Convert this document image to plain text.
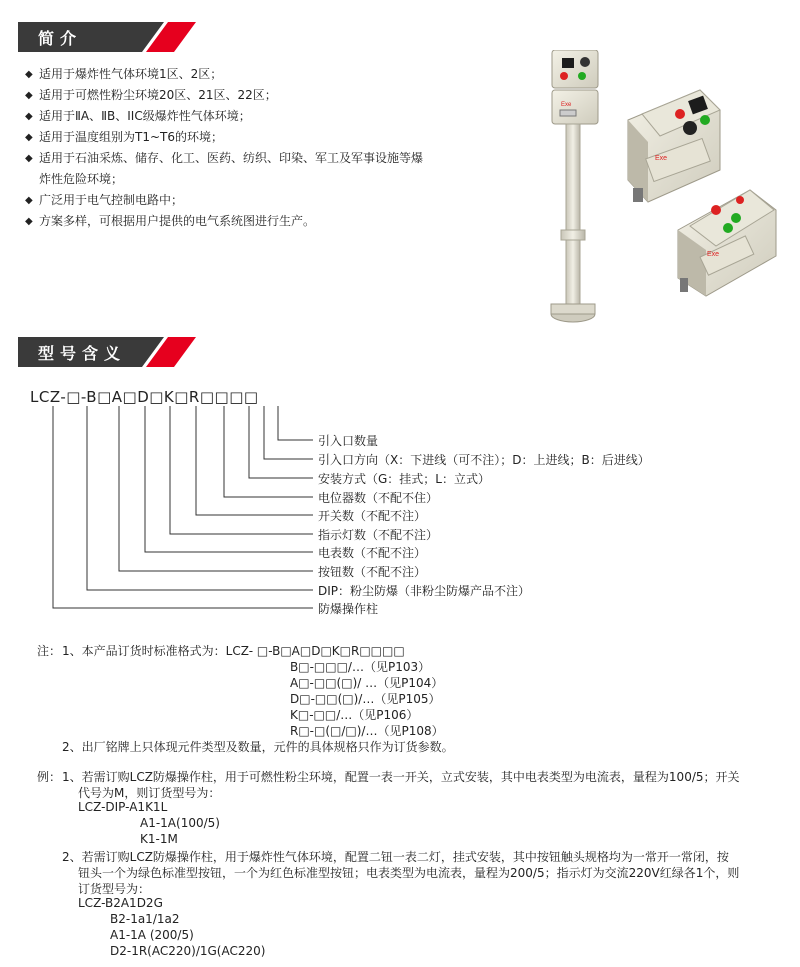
简介
◆ 适用于爆炸性气体环境1区、2区；
◆ 适用于可燃性粉尘环境20区、21区、22区；
◆ 适用于ⅡA、ⅡB、IIC级爆炸性气体环境；
◆ 适用于温度组别为T1~T6的环境；
◆ 适用于石油采炼、储存、化工、医药、纺织、印染、军工及军事设施等爆
炸性危险环境；
◆ 广泛用于电气控制电路中；
◆ 方案多样，可根据用户提供的电气系统图进行生产。
Exe
Exe
Exe
型号含义
LCZ-□-B□A□D□K□R□□□□
引入口数量
引入口方向（X：下进线（可不注）；D：上进线；B：后进线）
安装方式（G：挂式；L：立式）
电位器数（不配不住）
开关数（不配不注）
指示灯数（不配不注）
电表数（不配不注）
按钮数（不配不注）
DIP：粉尘防爆（非粉尘防爆产品不注）
防爆操作柱
注： 1、本产品订货时标准格式为：LCZ- □-B□A□D□K□R□□□□
B□-□□□/…（见P103）
A□-□□(□)/ …（见P104）
D□-□□(□)/…（见P105）
K□-□□/…（见P106）
R□-□(□/□)/…（见P108）
2、出厂铭牌上只体现元件类型及数量，元件的具体规格只作为订货参数。
例： 1、若需订购LCZ防爆操作柱，用于可燃性粉尘环境，配置一表一开关，立式安装，其中电表类型为电流表，量程为100/5；开关
代号为M，则订货型号为：
LCZ-DIP-A1K1L
A1-1A(100/5)
K1-1M
2、若需订购LCZ防爆操作柱，用于爆炸性气体环境，配置二钮一表二灯，挂式安装，其中按钮触头规格均为一常开一常闭，按
钮头一个为绿色标准型按钮，一个为红色标准型按钮；电表类型为电流表，量程为200/5；指示灯为交流220V红绿各1个，则
订货型号为：
LCZ-B2A1D2G
B2-1a1/1a2
A1-1A (200/5)
D2-1R(AC220)/1G(AC220)
